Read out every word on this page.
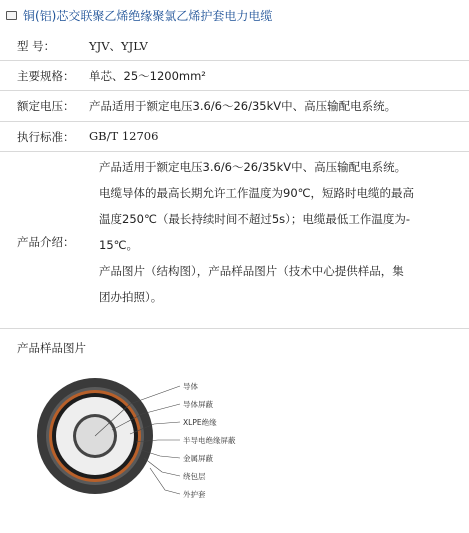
铜(铝)芯交联聚乙烯绝缘聚氯乙烯护套电力电缆
型 号：	YJV、YJLV
主要规格： 单芯、25～1200mm²
额定电压： 产品适用于额定电压3.6/6～26/35kV中、高压输配电系统。
执行标准： GB/T 12706
产品介绍：
产品适用于额定电压3.6/6～26/35kV中、高压输配电系统。
电缆导体的最高长期允许工作温度为90℃，短路时电缆的最高
温度250℃（最长持续时间不超过5s）；电缆最低工作温度为-
15℃。
产品图片（结构图），产品样品图片（技术中心提供样品，集
团办拍照）。
产品样品图片
导体
导体屏蔽
XLPE绝缘
半导电绝缘屏蔽
金属屏蔽
绕包层
外护套
